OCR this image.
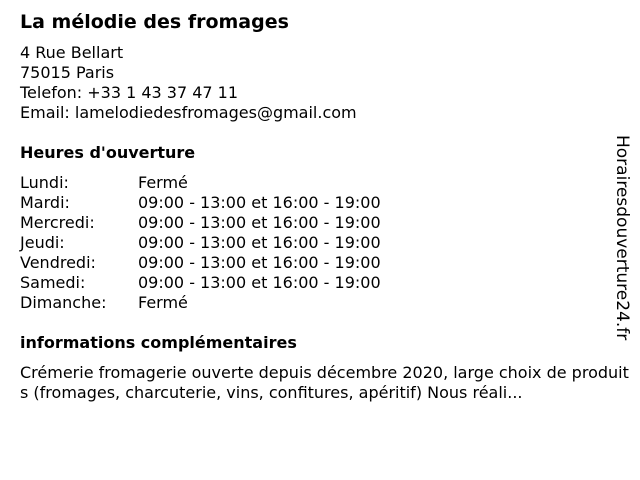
La mélodie des fromages
4 Rue Bellart
75015 Paris
Telefon: +33 1 43 37 47 11
Email: lamelodiedesfromages@gmail.com
Heures d'ouverture
Lundi:	Fermé
Mardi:	09:00 - 13:00 et 16:00 - 19:00
Mercredi:	09:00 - 13:00 et 16:00 - 19:00
Jeudi:	09:00 - 13:00 et 16:00 - 19:00
Vendredi:	09:00 - 13:00 et 16:00 - 19:00
Samedi:	09:00 - 13:00 et 16:00 - 19:00
Dimanche:	Fermé
informations complémentaires
Crémerie fromagerie ouverte depuis décembre 2020, large choix de produits (fromages, charcuterie, vins, confitures, apéritif) Nous réali...
Horairesdouverture24.fr
